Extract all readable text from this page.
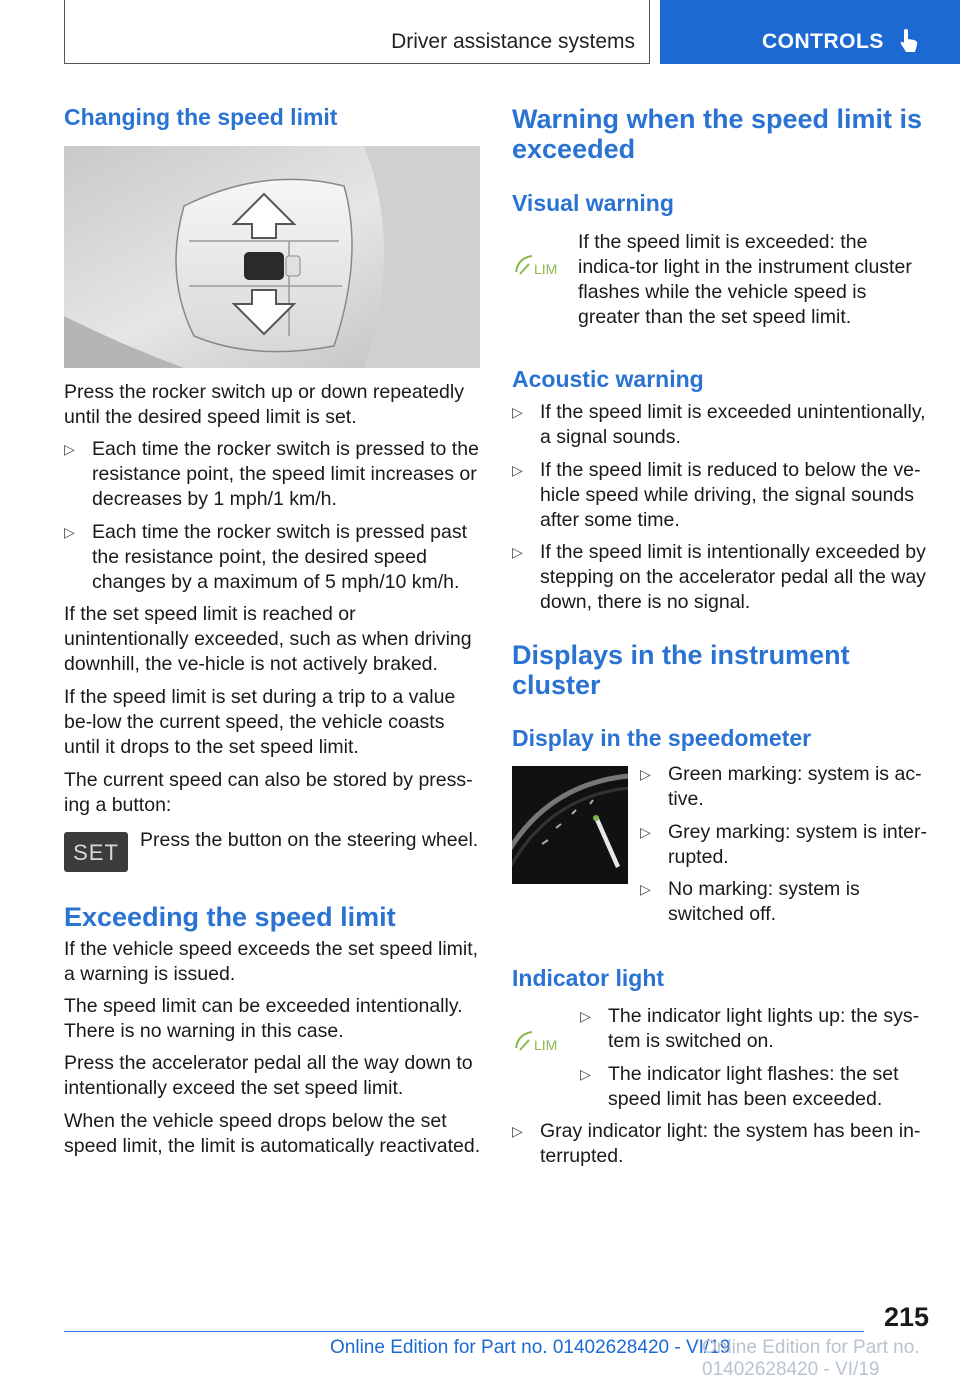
Driver assistance systems	CONTROLS
Changing the speed limit

Press the rocker switch up or down repeatedly until the desired speed limit is set.

▷ Each time the rocker switch is pressed to the resistance point, the speed limit increases or decreases by 1 mph/1 km/h.
▷ Each time the rocker switch is pressed past the resistance point, the desired speed changes by a maximum of 5 mph/10 km/h.

If the set speed limit is reached or unintentionally exceeded, such as when driving downhill, the ve-hicle is not actively braked.

If the speed limit is set during a trip to a value be-low the current speed, the vehicle coasts until it drops to the set speed limit.

The current speed can also be stored by press-ing a button:

SET	Press the button on the steering wheel.

Exceeding the speed limit

If the vehicle speed exceeds the set speed limit, a warning is issued.

The speed limit can be exceeded intentionally. There is no warning in this case.

Press the accelerator pedal all the way down to intentionally exceed the set speed limit.

When the vehicle speed drops below the set speed limit, the limit is automatically reactivated.

Warning when the speed limit is exceeded
Visual warning
LIM

If the speed limit is exceeded: the indica-tor light in the instrument cluster flashes while the vehicle speed is greater than the set speed limit.

Acoustic warning
▷ If the speed limit is exceeded unintentionally, a signal sounds.
▷ If the speed limit is reduced to below the ve-hicle speed while driving, the signal sounds after some time.
▷ If the speed limit is intentionally exceeded by stepping on the accelerator pedal all the way down, there is no signal.
Displays in the instrument cluster
Display in the speedometer
▷ Green marking: system is ac-tive.
▷ Grey marking: system is inter-rupted.
▷ No marking: system is switched off.
Indicator light
LIM
▷ The indicator light lights up: the sys-tem is switched on.
▷ The indicator light flashes: the set speed limit has been exceeded.
▷ Gray indicator light: the system has been in-terrupted.
215
Online Edition for Part no. 01402628420 - VI/19
Online Edition for Part no. 01402628420 - VI/19
